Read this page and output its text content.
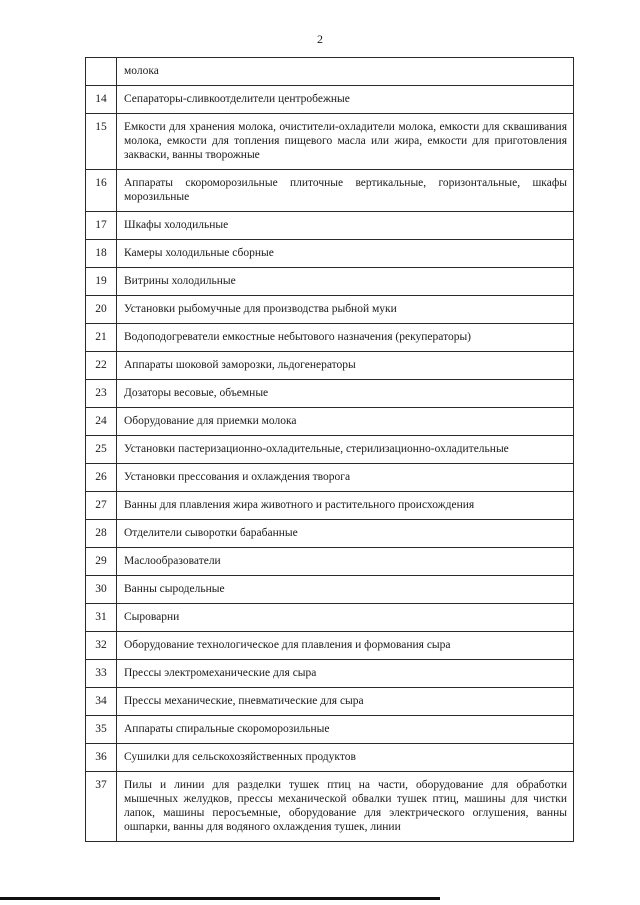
2

	молока

14	Сепараторы-сливкоотделители центробежные

15	Емкости для хранения молока, очистители-охладители молока, емкости для сквашивания молока, емкости для топления пищевого масла или жира, емкости для приготовления закваски, ванны творожные

16	Аппараты скороморозильные плиточные вертикальные, горизонтальные, шкафы морозильные

17	Шкафы холодильные

18	Камеры холодильные сборные

19	Витрины холодильные

20	Установки рыбомучные для производства рыбной муки

21	Водоподогреватели емкостные небытового назначения (рекуператоры)

22	Аппараты шоковой заморозки, льдогенераторы

23	Дозаторы весовые, объемные

24	Оборудование для приемки молока

25	Установки пастеризационно-охладительные, стерилизационно-охладительные

26	Установки прессования и охлаждения творога

27	Ванны для плавления жира животного и растительного происхождения

28	Отделители сыворотки барабанные

29	Маслообразователи

30	Ванны сыродельные

31	Сыроварни

32	Оборудование технологическое для плавления и формования сыра

33	Прессы электромеханические для сыра

34	Прессы механические, пневматические для сыра

35	Аппараты спиральные скороморозильные

36	Сушилки для сельскохозяйственных продуктов

37	Пилы и линии для разделки тушек птиц на части, оборудование для обработки мышечных желудков, прессы механической обвалки тушек птиц, машины для чистки лапок, машины перосъемные, оборудование для электрического оглушения, ванны ошпарки, ванны для водяного охлаждения тушек, линии
